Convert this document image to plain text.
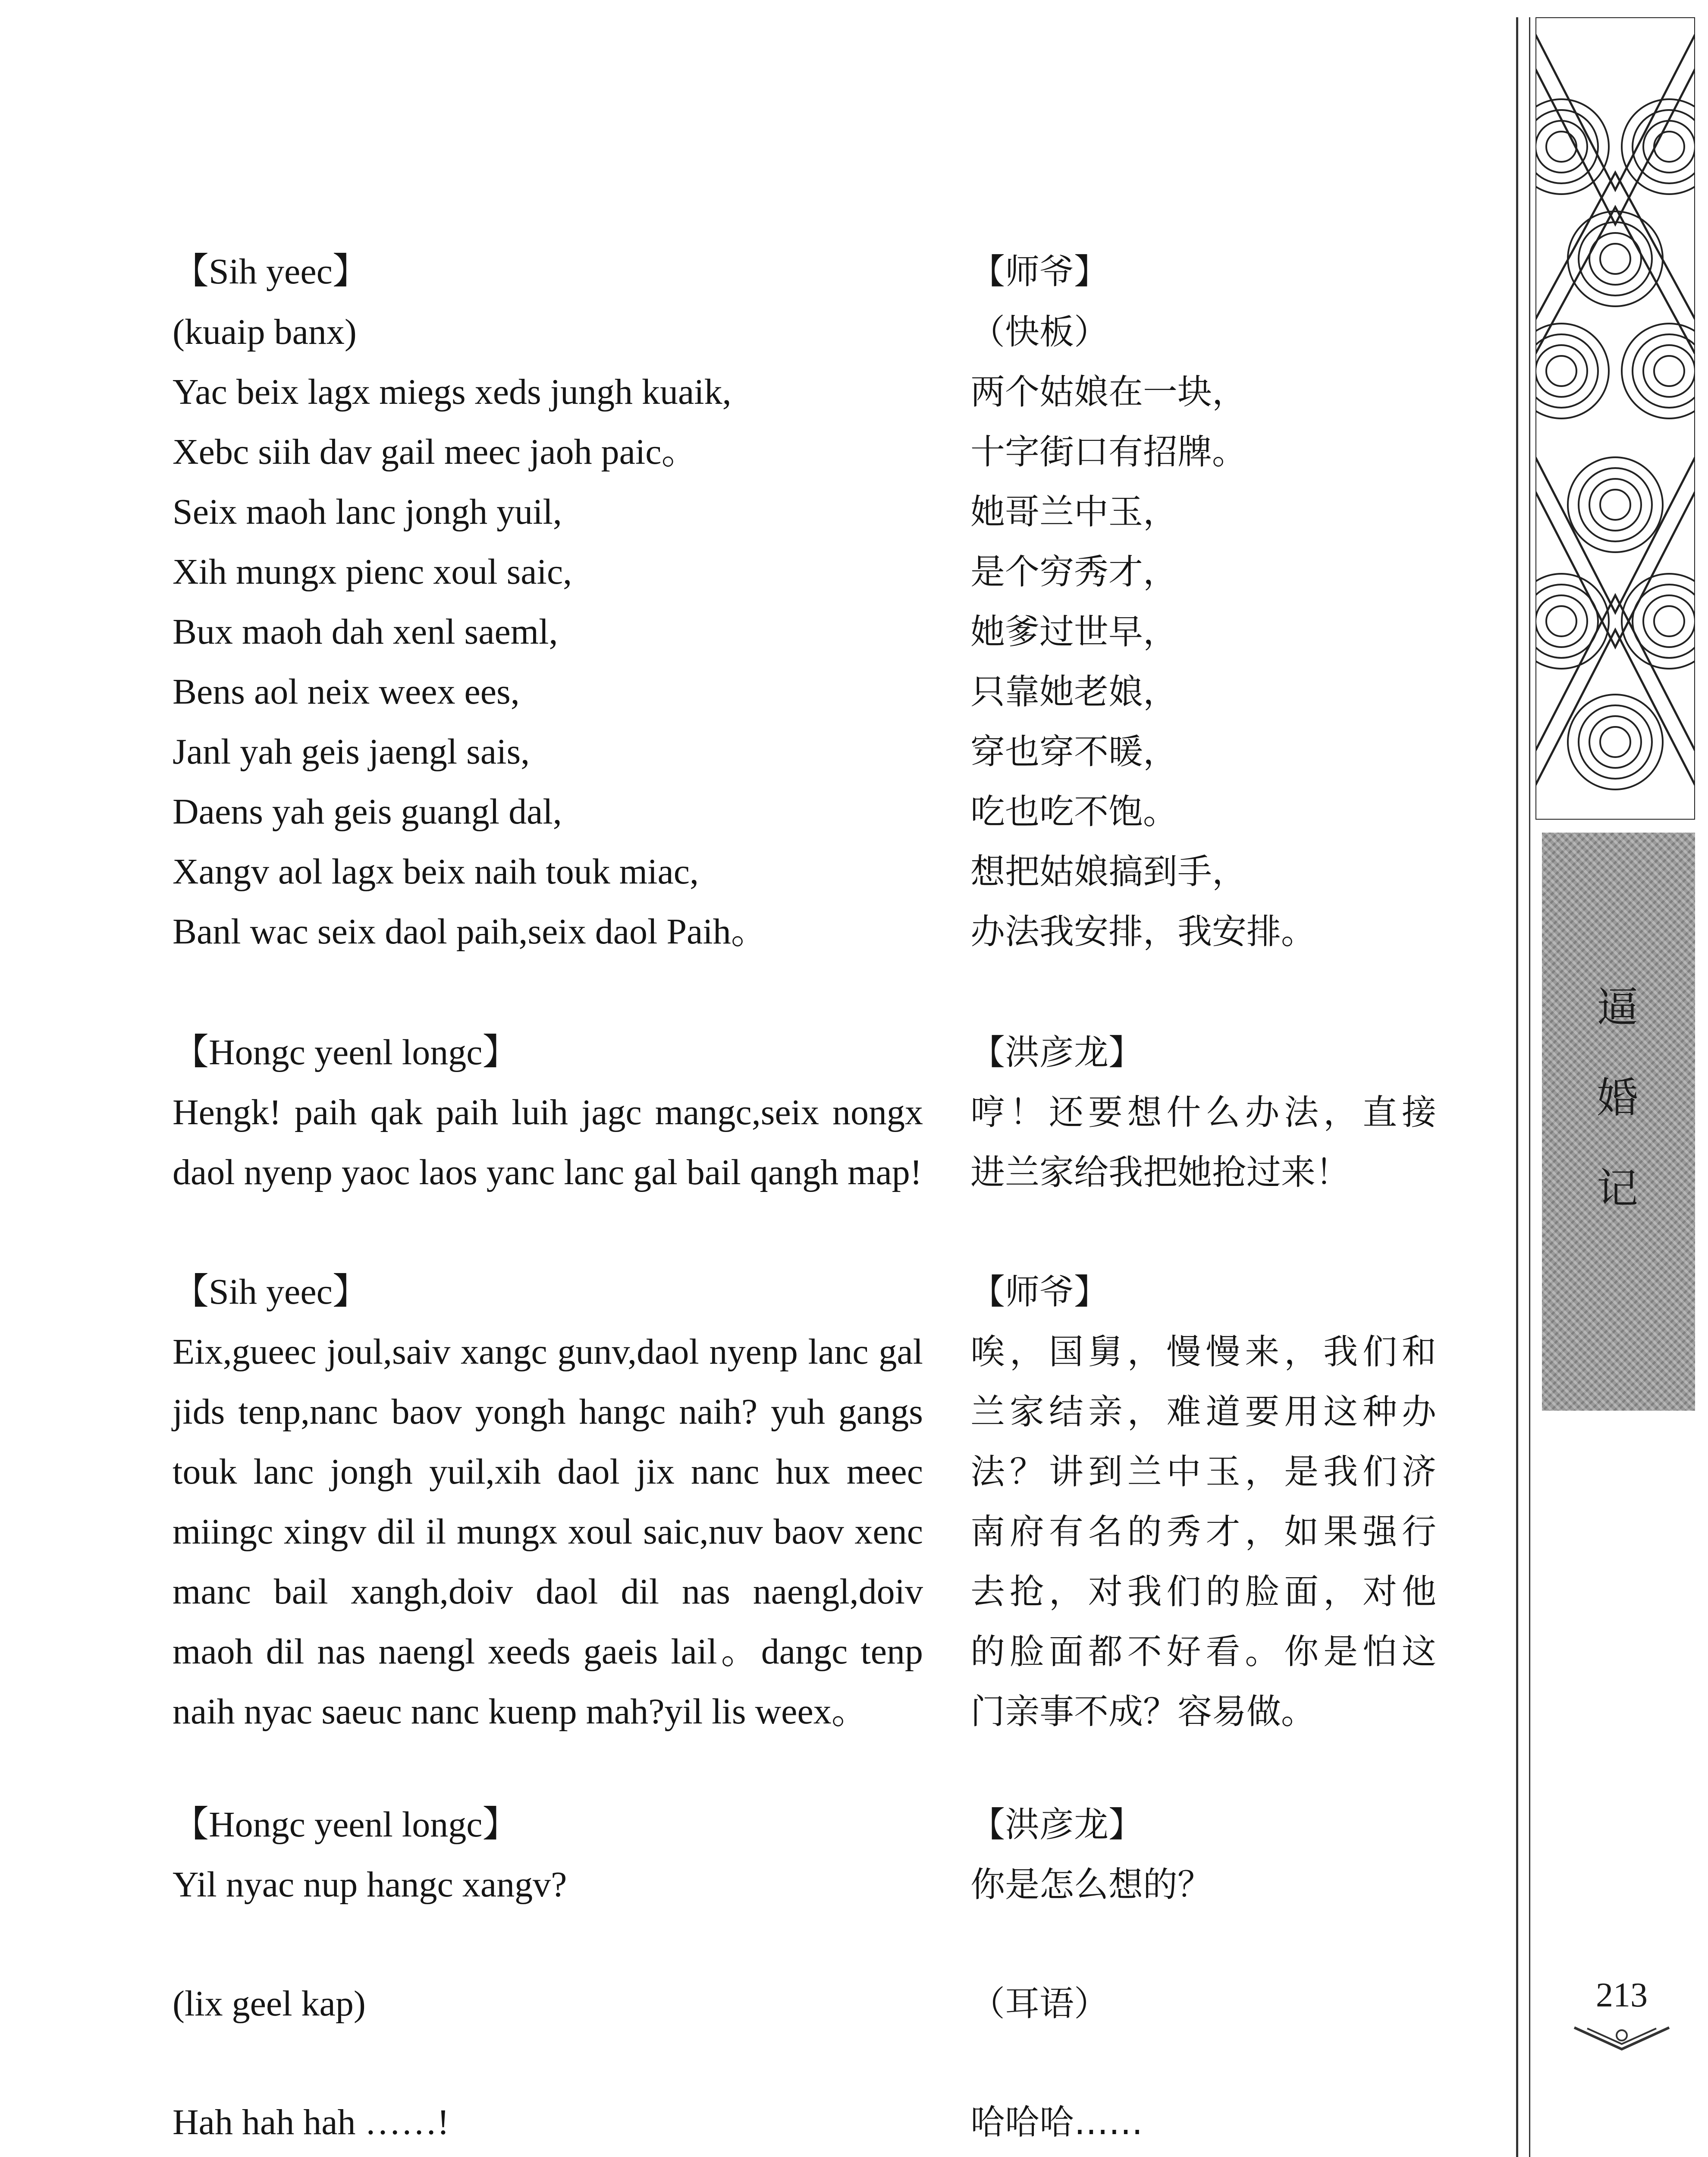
【Sih yeec】
(kuaip banx)
Yac beix lagx miegs xeds jungh kuaik,
Xebc siih dav gail meec jaoh paic。
Seix maoh lanc jongh yuil,
Xih mungx pienc xoul saic,
Bux maoh dah xenl saeml,
Bens aol neix weex ees,
Janl yah geis jaengl sais,
Daens yah geis guangl dal,
Xangv aol lagx beix naih touk miac,
Banl wac seix daol paih,seix daol Paih。
【Hongc yeenl longc】
Hengk! paih qak paih luih jagc mangc,seix nongx
daol nyenp yaoc laos yanc lanc gal bail qangh map!
【Sih yeec】
Eix,gueec joul,saiv xangc gunv,daol nyenp lanc gal
jids tenp,nanc baov yongh hangc naih? yuh gangs
touk lanc jongh yuil,xih daol jix nanc hux meec
miingc xingv dil il mungx xoul saic,nuv baov xenc
manc bail xangh,doiv daol dil nas naengl,doiv
maoh dil nas naengl xeeds gaeis lail。dangc tenp
naih nyac saeuc nanc kuenp mah?yil lis weex。
【Hongc yeenl longc】
Yil nyac nup hangc xangv?
(lix geel kap)
Hah hah hah ……!
【师爷】
（快板）
两个姑娘在一块，
十字街口有招牌。
她哥兰中玉，
是个穷秀才，
她爹过世早，
只靠她老娘，
穿也穿不暖，
吃也吃不饱。
想把姑娘搞到手，
办法我安排，我安排。
【洪彦龙】
哼！还要想什么办法，直接
进兰家给我把她抢过来！
【师爷】
唉，国舅，慢慢来，我们和
兰家结亲，难道要用这种办
法？讲到兰中玉，是我们济
南府有名的秀才，如果强行
去抢，对我们的脸面，对他
的脸面都不好看。你是怕这
门亲事不成？容易做。
【洪彦龙】
你是怎么想的？
（耳语）
哈哈哈……
逼
婚
记
213
